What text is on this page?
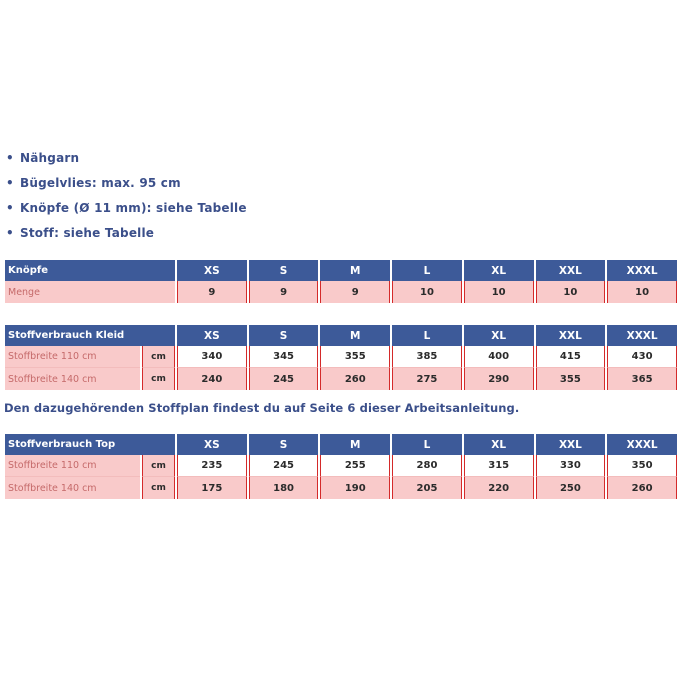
• Nähgarn
• Bügelvlies: max. 95 cm
• Knöpfe (Ø 11 mm): siehe Tabelle
• Stoff: siehe Tabelle
Knöpfe	XS	S	M	L	XL	XXL	XXXL
Menge	9	9	9	10	10	10	10
Stoffverbrauch Kleid		XS	S	M	L	XL	XXL	XXXL
Stoffbreite 110 cm	cm	340	345	355	385	400	415	430
Stoffbreite 140 cm	cm	240	245	260	275	290	355	365
Den dazugehörenden Stoffplan findest du auf Seite 6 dieser Arbeitsanleitung.
Stoffverbrauch Top		XS	S	M	L	XL	XXL	XXXL
Stoffbreite 110 cm	cm	235	245	255	280	315	330	350
Stoffbreite 140 cm	cm	175	180	190	205	220	250	260
